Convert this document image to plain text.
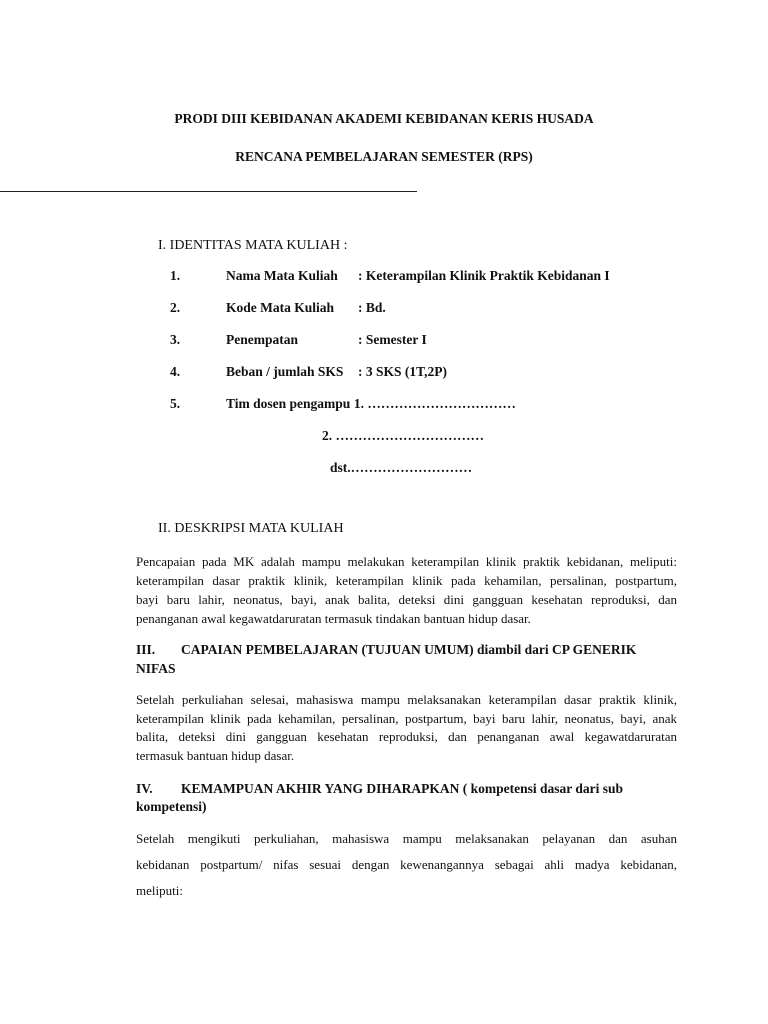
PRODI DIII KEBIDANAN AKADEMI KEBIDANAN KERIS HUSADA
RENCANA PEMBELAJARAN SEMESTER (RPS)
I. IDENTITAS MATA KULIAH :
1.	Nama Mata Kuliah : Keterampilan Klinik Praktik Kebidanan I
2.	Kode Mata Kuliah : Bd.
3.	Penempatan	: Semester I
4.	Beban / jumlah SKS : 3 SKS (1T,2P)
5.	Tim dosen pengampu
: 1. ……………………………
2. ……………………………
dst.………………………
II. DESKRIPSI MATA KULIAH
Pencapaian pada MK adalah mampu melakukan keterampilan klinik praktik kebidanan, meliputi:
keterampilan dasar praktik klinik, keterampilan klinik pada kehamilan, persalinan, postpartum,
bayi baru lahir, neonatus, bayi, anak balita, deteksi dini gangguan kesehatan reproduksi, dan
penanganan awal kegawatdaruratan termasuk tindakan bantuan hidup dasar.
III. CAPAIAN PEMBELAJARAN (TUJUAN UMUM) diambil dari CP GENERIK
NIFAS
Setelah perkuliahan selesai, mahasiswa mampu melaksanakan keterampilan dasar praktik klinik,
keterampilan klinik pada kehamilan, persalinan, postpartum, bayi baru lahir, neonatus, bayi, anak
balita, deteksi dini gangguan kesehatan reproduksi, dan penanganan awal kegawatdaruratan
termasuk bantuan hidup dasar.
IV. KEMAMPUAN AKHIR YANG DIHARAPKAN ( kompetensi dasar dari sub
kompetensi)
Setelah mengikuti perkuliahan, mahasiswa mampu melaksanakan pelayanan dan asuhan
kebidanan postpartum/ nifas sesuai dengan kewenangannya sebagai ahli madya kebidanan,
meliputi:
